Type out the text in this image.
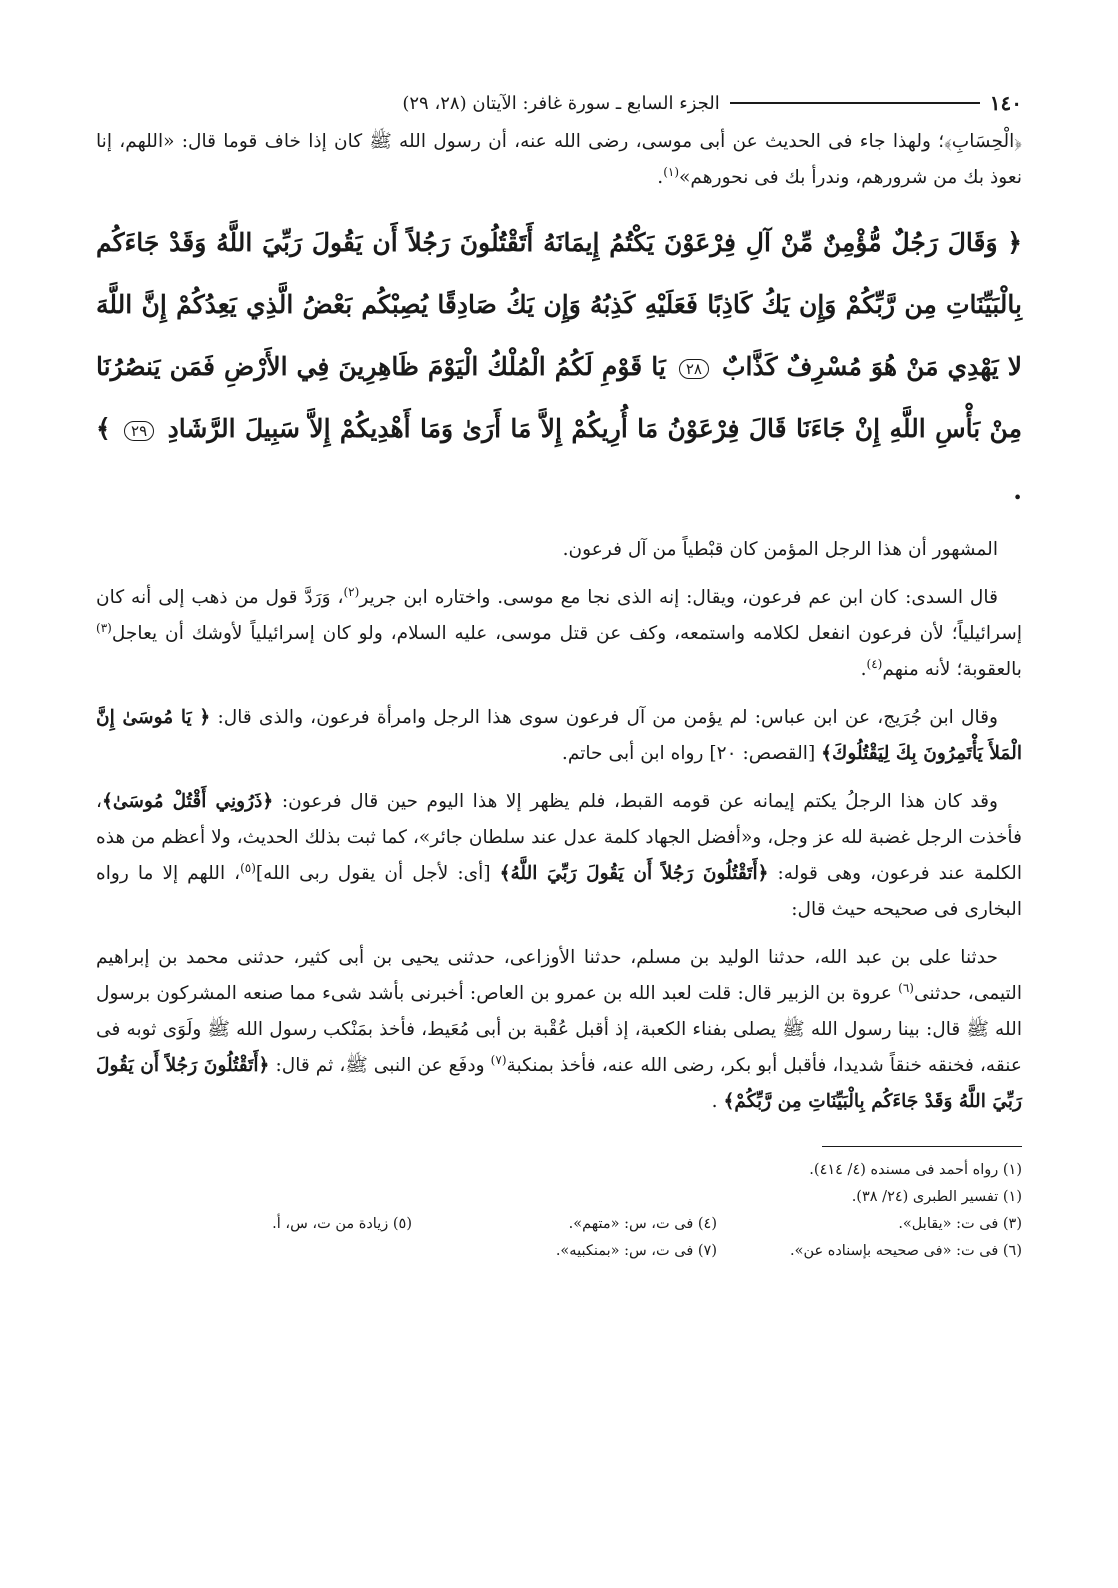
١٤٠
الجزء السابع ـ سورة غافر: الآيتان (٢٨، ٢٩)

﴿الْحِسَابِ﴾؛ ولهذا جاء فى الحديث عن أبى موسى، رضى الله عنه، أن رسول الله ﷺ كان إذا خاف قوما قال: «اللهم، إنا نعوذ بك من شرورهم، وندرأ بك فى نحورهم»$^{(١)}$.

﴿ وَقَالَ رَجُلٌ مُّؤْمِنٌ مِّنْ آلِ فِرْعَوْنَ يَكْتُمُ إِيمَانَهُ أَتَقْتُلُونَ رَجُلاً أَن يَقُولَ رَبِّيَ اللَّهُ وَقَدْ جَاءَكُم بِالْبَيِّنَاتِ مِن رَّبِّكُمْ وَإِن يَكُ كَاذِبًا فَعَلَيْهِ كَذِبُهُ وَإِن يَكُ صَادِقًا يُصِبْكُم بَعْضُ الَّذِي يَعِدُكُمْ إِنَّ اللَّهَ لا يَهْدِي مَنْ هُوَ مُسْرِفٌ كَذَّابٌ ٢٨ يَا قَوْمِ لَكُمُ الْمُلْكُ الْيَوْمَ ظَاهِرِينَ فِي الأَرْضِ فَمَن يَنصُرُنَا مِنْ بَأْسِ اللَّهِ إِنْ جَاءَنَا قَالَ فِرْعَوْنُ مَا أُرِيكُمْ إِلاَّ مَا أَرَىٰ وَمَا أَهْدِيكُمْ إِلاَّ سَبِيلَ الرَّشَادِ ٢٩ ﴾ .

المشهور أن هذا الرجل المؤمن كان قبْطياً من آل فرعون.

قال السدى: كان ابن عم فرعون، ويقال: إنه الذى نجا مع موسى. واختاره ابن جرير$^{(٢)}$، وَرَدَّ قول من ذهب إلى أنه كان إسرائيلياً؛ لأن فرعون انفعل لكلامه واستمعه، وكف عن قتل موسى، عليه السلام، ولو كان إسرائيلياً لأوشك أن يعاجل$^{(٣)}$ بالعقوبة؛ لأنه منهم$^{(٤)}$.

وقال ابن جُرَيج، عن ابن عباس: لم يؤمن من آل فرعون سوى هذا الرجل وامرأة فرعون، والذى قال: ﴿ يَا مُوسَىٰ إِنَّ الْمَلأَ يَأْتَمِرُونَ بِكَ لِيَقْتُلُوكَ﴾ [القصص: ٢٠] رواه ابن أبى حاتم.

وقد كان هذا الرجلُ يكتم إيمانه عن قومه القبط، فلم يظهر إلا هذا اليوم حين قال فرعون: ﴿ذَرُونِي أَقْتُلْ مُوسَىٰ﴾، فأخذت الرجل غضبة لله عز وجل، و«أفضل الجهاد كلمة عدل عند سلطان جائر»، كما ثبت بذلك الحديث، ولا أعظم من هذه الكلمة عند فرعون، وهى قوله: ﴿أَتَقْتُلُونَ رَجُلاً أَن يَقُولَ رَبِّيَ اللَّهُ﴾ [أى: لأجل أن يقول ربى الله]$^{(٥)}$، اللهم إلا ما رواه البخارى فى صحيحه حيث قال:

حدثنا على بن عبد الله، حدثنا الوليد بن مسلم، حدثنا الأوزاعى، حدثنى يحيى بن أبى كثير، حدثنى محمد بن إبراهيم التيمى، حدثنى$^{(٦)}$ عروة بن الزبير قال: قلت لعبد الله بن عمرو بن العاص: أخبرنى بأشد شىء مما صنعه المشركون برسول الله ﷺ قال: بينا رسول الله ﷺ يصلى بفناء الكعبة، إذ أقبل عُقْبة بن أبى مُعَيط، فأخذ بمَنْكب رسول الله ﷺ ولَوَى ثوبه فى عنقه، فخنقه خنقاً شديدا، فأقبل أبو بكر، رضى الله عنه، فأخذ بمنكبة$^{(٧)}$ ودفَع عن النبى ﷺ، ثم قال: ﴿أَتَقْتُلُونَ رَجُلاً أَن يَقُولَ رَبِّيَ اللَّهُ وَقَدْ جَاءَكُم بِالْبَيِّنَاتِ مِن رَّبِّكُمْ﴾ .

(١) رواه أحمد فى مسنده (٤/ ٤١٤).
(١) تفسير الطبرى (٢٤/ ٣٨).
(٣) فى ت: «يقابل».
(٤) فى ت، س: «متهم».
(٥) زيادة من ت، س، أ.
(٦) فى ت: «فى صحيحه بإسناده عن».
(٧) فى ت، س: «بمنكبيه».
